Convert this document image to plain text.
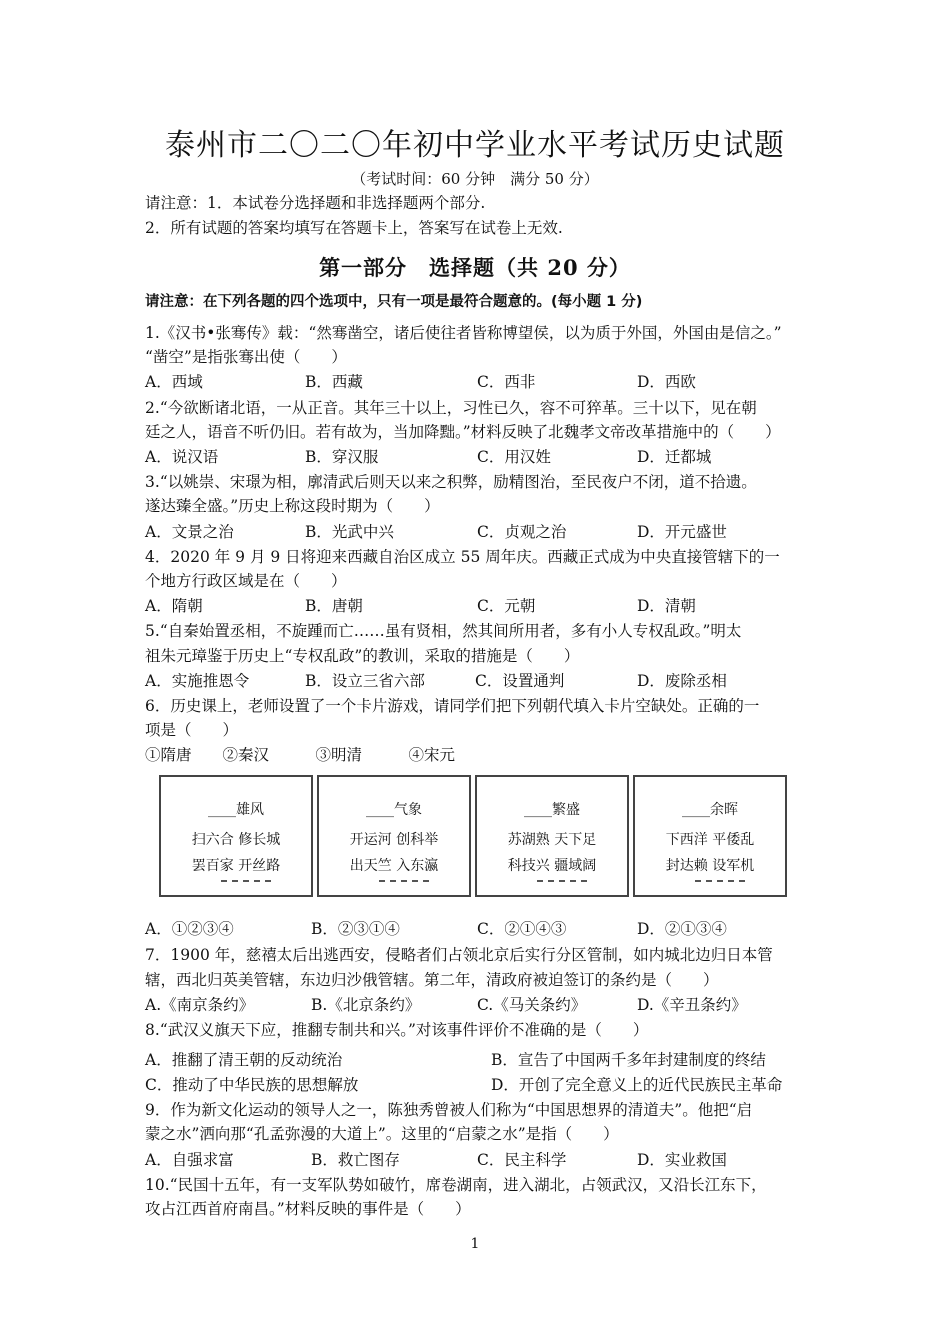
泰州市二〇二〇年初中学业水平考试历史试题
（考试时间：60 分钟　满分 50 分）
请注意：1．本试卷分选择题和非选择题两个部分.
2．所有试题的答案均填写在答题卡上，答案写在试卷上无效.
第一部分　选择题（共 20 分）
请注意：在下列各题的四个选项中，只有一项是最符合题意的。(每小题 1 分)
1.《汉书•张骞传》载：“然骞凿空，诸后使往者皆称博望侯，以为质于外国，外国由是信之。”
“凿空”是指张骞出使（　　）
A．西域	B．西藏	C．西非	D．西欧
2.“今欲断诸北语，一从正音。其年三十以上，习性已久，容不可猝革。三十以下，见在朝
廷之人，语音不听仍旧。若有故为，当加降黜。”材料反映了北魏孝文帝改革措施中的（　　）
A．说汉语	B．穿汉服	C．用汉姓	D．迁都城
3.“以姚崇、宋璟为相，廓清武后则天以来之积弊，励精图治，至民夜户不闭，道不拾遗。
遂达臻全盛。”历史上称这段时期为（　　）
A．文景之治	B．光武中兴	C．贞观之治	D．开元盛世
4．2020 年 9 月 9 日将迎来西藏自治区成立 55 周年庆。西藏正式成为中央直接管辖下的一
个地方行政区域是在（　　）
A．隋朝	B．唐朝	C．元朝	D．清朝
5.“自秦始置丞相，不旋踵而亡……虽有贤相，然其间所用者，多有小人专权乱政。”明太
祖朱元璋鉴于历史上“专权乱政”的教训，采取的措施是（　　）
A．实施推恩令	B．设立三省六部	C．设置通判	D．废除丞相
6．历史课上，老师设置了一个卡片游戏，请同学们把下列朝代填入卡片空缺处。正确的一
项是（　　）
①隋唐　　②秦汉　　　③明清　　　④宋元
____雄风
扫六合 修长城
罢百家 开丝路
____气象
开运河 创科举
出天竺 入东瀛
____繁盛
苏湖熟 天下足
科技兴 疆域阔
____余晖
下西洋 平倭乱
封达赖 设军机
A．①②③④	B．②③①④	C．②①④③	D．②①③④
7．1900 年，慈禧太后出逃西安，侵略者们占领北京后实行分区管制，如内城北边归日本管
辖，西北归英美管辖，东边归沙俄管辖。第二年，清政府被迫签订的条约是（　　）
A.《南京条约》	B.《北京条约》	C.《马关条约》	D.《辛丑条约》
8.“武汉义旗天下应，推翻专制共和兴。”对该事件评价不准确的是（　　）
A．推翻了清王朝的反动统治	B．宣告了中国两千多年封建制度的终结
C．推动了中华民族的思想解放	D．开创了完全意义上的近代民族民主革命
9．作为新文化运动的领导人之一，陈独秀曾被人们称为“中国思想界的清道夫”。他把“启
蒙之水”洒向那“孔孟弥漫的大道上”。这里的“启蒙之水”是指（　　）
A．自强求富	B．救亡图存	C．民主科学	D．实业救国
10.“民国十五年，有一支军队势如破竹，席卷湖南，进入湖北，占领武汉，又沿长江东下，
攻占江西首府南昌。”材料反映的事件是（　　）
1
